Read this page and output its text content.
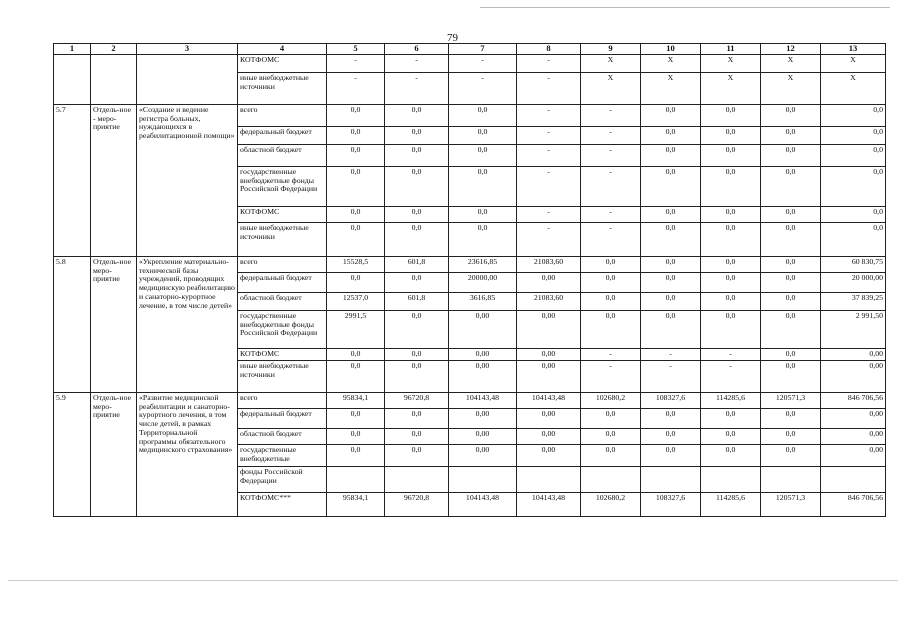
79
1	2	3	4	5	6	7	8	9	10	11	12	13
			КОТФОМС	-	-	-	-	X	X	X	X	X
			иные внебюджетные источники	-	-	-	-	X	X	X	X	X
5.7	Отдель-ное - меро-приятие	«Создание и ведение регистра больных, нуждающихся в реабилитационной помощи»	всего	0,0	0,0	0,0	-	-	0,0	0,0	0,0	0,0
			федеральный бюджет	0,0	0,0	0,0	-	-	0,0	0,0	0,0	0,0
			областной бюджет	0,0	0,0	0,0	-	-	0,0	0,0	0,0	0,0
			государственные внебюджетные фонды Российской Федерации	0,0	0,0	0,0	-	-	0,0	0,0	0,0	0,0
			КОТФОМС	0,0	0,0	0,0	-	-	0,0	0,0	0,0	0,0
			иные внебюджетные источники	0,0	0,0	0,0	-	-	0,0	0,0	0,0	0,0
5.8	Отдель-ное меро-приятие	«Укрепление материально-технической базы учреждений, проводящих медицинскую реабилитацию и санаторно-курортное лечение, в том числе детей»	всего	15528,5	601,8	23616,85	21083,60	0,0	0,0	0,0	0,0	60 830,75
			федеральный бюджет	0,0	0,0	20000,00	0,00	0,0	0,0	0,0	0,0	20 000,00
			областной бюджет	12537,0	601,8	3616,85	21083,60	0,0	0,0	0,0	0,0	37 839,25
			государственные внебюджетные фонды Российской Федерации	2991,5	0,0	0,00	0,00	0,0	0,0	0,0	0,0	2 991,50
			КОТФОМС	0,0	0,0	0,00	0,00	-	-	-	0,0	0,00
			иные внебюджетные источники	0,0	0,0	0,00	0,00	-	-	-	0,0	0,00
5.9	Отдель-ное меро-приятие	«Развитие медицинской реабилитации и санаторно-курортного лечения, в том числе детей, в рамках Территориальной программы обязательного медицинского страхования»	всего	95834,1	96720,8	104143,48	104143,48	102680,2	108327,6	114285,6	120571,3	846 706,56
			федеральный бюджет	0,0	0,0	0,00	0,00	0,0	0,0	0,0	0,0	0,00
			областной бюджет	0,0	0,0	0,00	0,00	0,0	0,0	0,0	0,0	0,00
			государственные внебюджетные	0,0	0,0	0,00	0,00	0,0	0,0	0,0	0,0	0,00
			фонды Российской Федерации									
			КОТФОМС***	95834,1	96720,8	104143,48	104143,48	102680,2	108327,6	114285,6	120571,3	846 706,56
